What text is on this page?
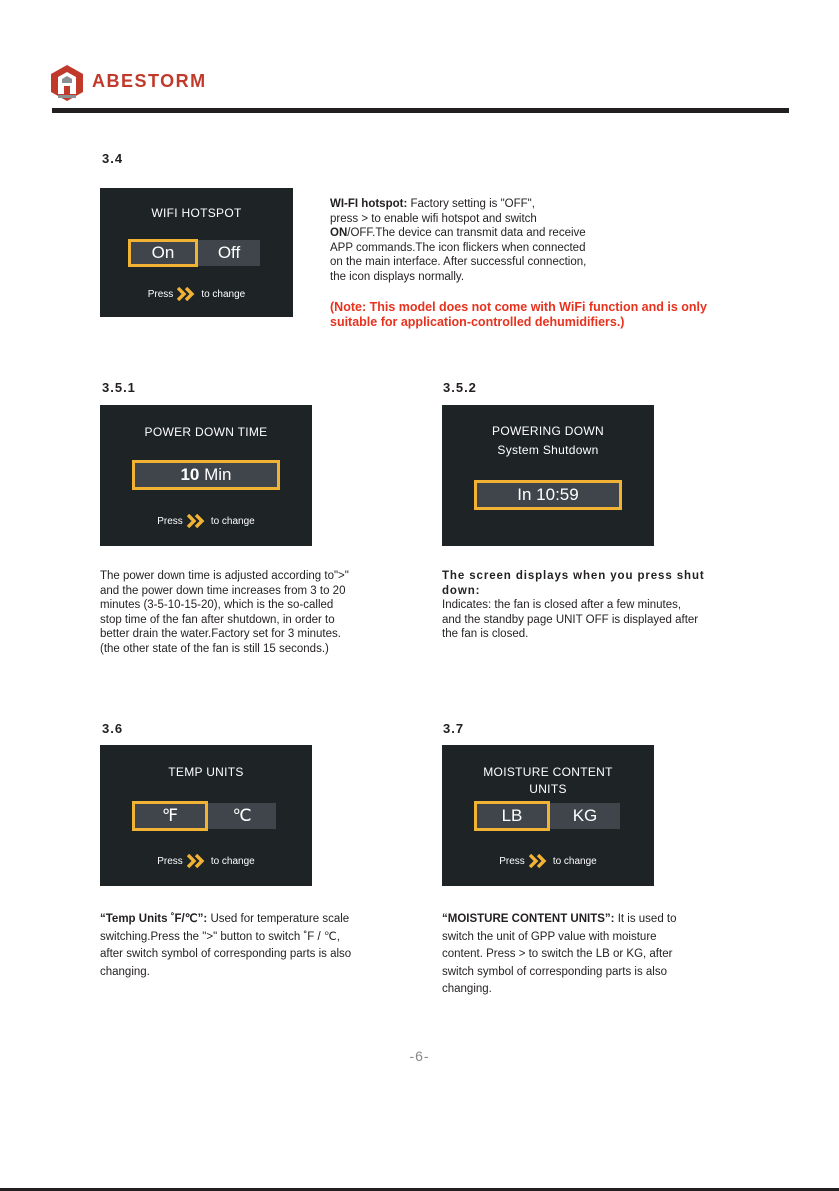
ABESTORM
3.4
WIFI HOTSPOT
On	Off
Press	to change
WI-FI hotspot: Factory setting is "OFF",
press > to enable wifi hotspot and switch
ON/OFF.The device can transmit data and receive
APP commands.The icon flickers when connected
on the main interface. After successful connection,
the icon displays normally.
(Note: This model does not come with WiFi function and is only
suitable for application-controlled dehumidifiers.)
3.5.1
POWER DOWN TIME
10 Min
Press	to change
The power down time is adjusted according to">"
and the power down time increases from 3 to 20
minutes (3-5-10-15-20), which is the so-called
stop time of the fan after shutdown, in order to
better drain the water.Factory set for 3 minutes.
(the other state of the fan is still 15 seconds.)
3.5.2
POWERING DOWN
System Shutdown
In 10:59
The screen displays when you press shut
down:
Indicates: the fan is closed after a few minutes,
and the standby page UNIT OFF is displayed after
the fan is closed.
3.6
TEMP UNITS
℉	℃
Press	to change
“Temp Units ˚F/℃”: Used for temperature scale
switching.Press the ">" button to switch ˚F / ℃,
after switch symbol of corresponding parts is also
changing.
3.7
MOISTURE CONTENT
UNITS
LB	KG
Press	to change
“MOISTURE CONTENT UNITS”: It is used to
switch the unit of GPP value with moisture
content. Press > to switch the LB or KG, after
switch symbol of corresponding parts is also
changing.
-6-
